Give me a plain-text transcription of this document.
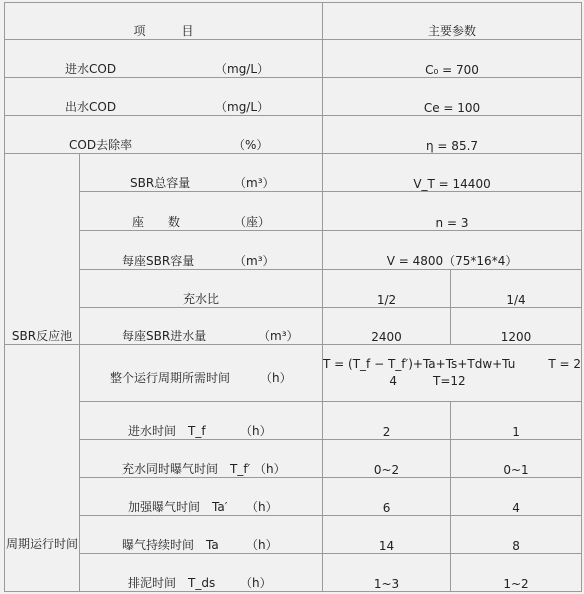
项　　　目		主要参数	
进水COD （mg/L）		C₀ = 700	
出水COD （mg/L）		Ce = 100	
COD去除率 （%）		η = 85.7	
SBR反应池	SBR总容量 （m³）	V_T = 14400	
	座　　数 （座）	n = 3	
	每座SBR容量 （m³）	V = 4800（75*16*4）	
	充水比	1/2	1/4
	每座SBR进水量 （m³）	2400	1200
周期运行时间	整个运行周期所需时间 （h）	T = (T_f − T_f′)+Ta+Ts+Tdw+Tu T = 2
4 T=12	

	进水时间 T_f （h）	2	1
	充水同时曝气时间 T_f′ （h）	0~2	0~1
	加强曝气时间 Ta′ （h）	6	4
	曝气持续时间 Ta （h）	14	8
	排泥时间 T_ds （h）	1~3	1~2
